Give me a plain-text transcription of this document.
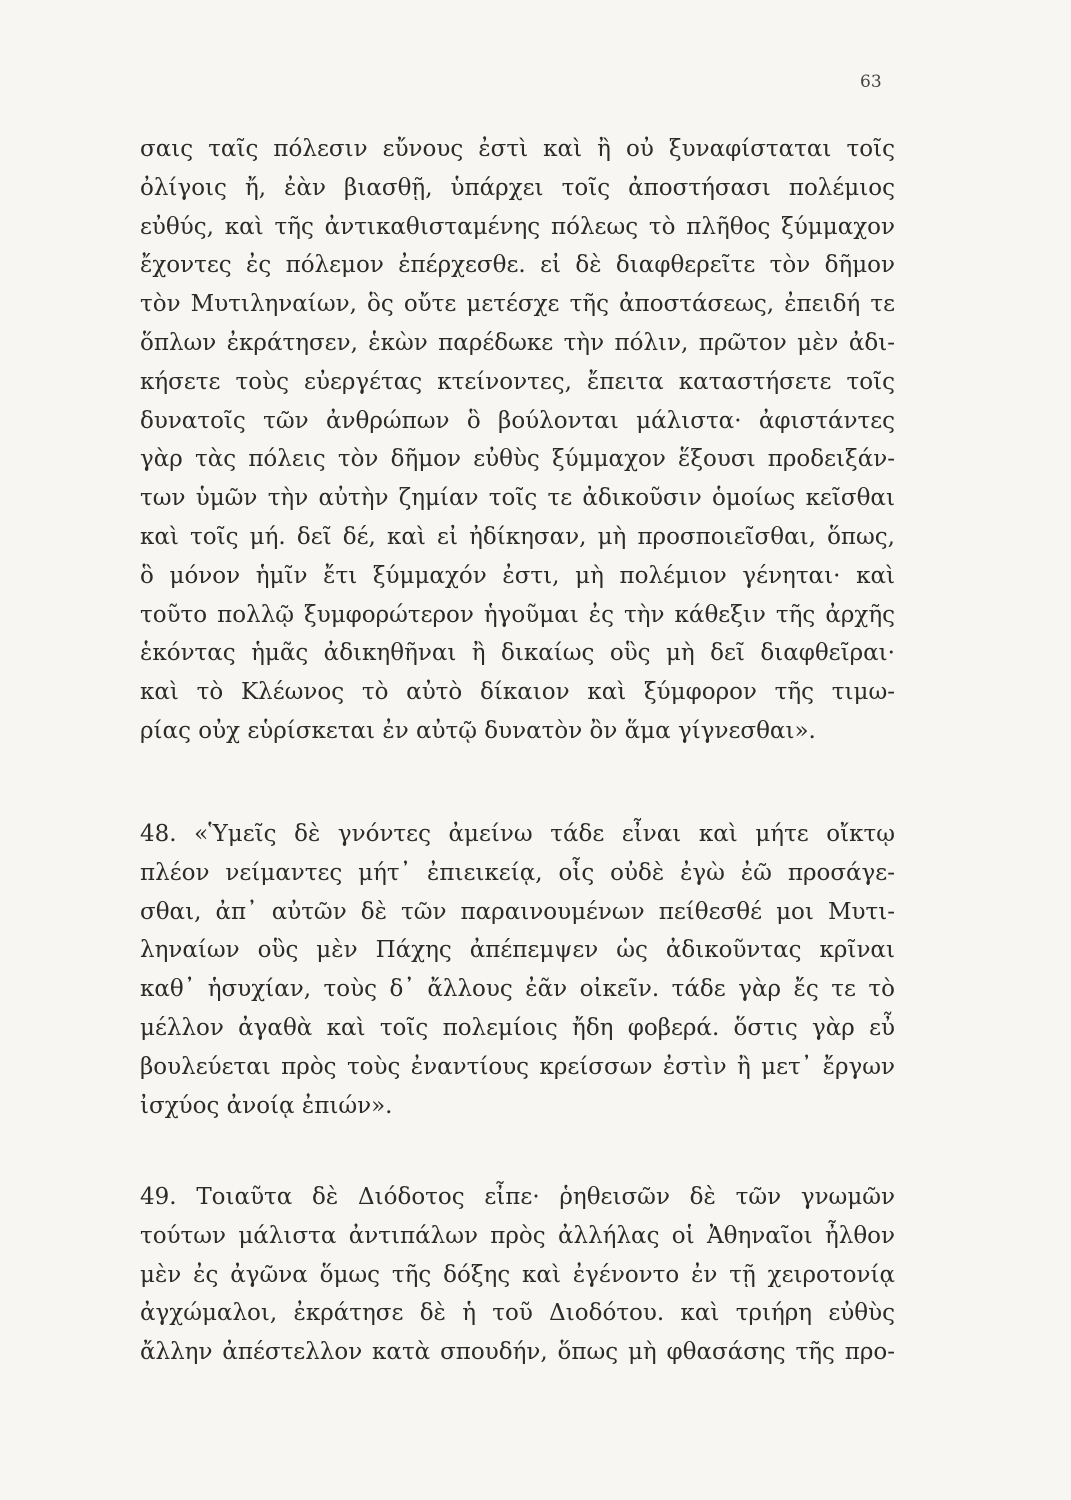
63
σαις ταῖς πόλεσιν εὔνους ἐστὶ καὶ ἢ οὐ ξυναφίσταται τοῖς
ὀλίγοις ἤ, ἐὰν βιασθῇ, ὑπάρχει τοῖς ἀποστήσασι πολέμιος
εὐθύς, καὶ τῆς ἀντικαθισταμένης πόλεως τὸ πλῆθος ξύμμαχον
ἔχοντες ἐς πόλεμον ἐπέρχεσθε. εἰ δὲ διαφθερεῖτε τὸν δῆμον
τὸν Μυτιληναίων, ὃς οὔτε μετέσχε τῆς ἀποστάσεως, ἐπειδή τε
ὅπλων ἐκράτησεν, ἑκὼν παρέδωκε τὴν πόλιν, πρῶτον μὲν ἀδι-
κήσετε τοὺς εὐεργέτας κτείνοντες, ἔπειτα καταστήσετε τοῖς
δυνατοῖς τῶν ἀνθρώπων ὃ βούλονται μάλιστα· ἀφιστάντες
γὰρ τὰς πόλεις τὸν δῆμον εὐθὺς ξύμμαχον ἕξουσι προδειξάν-
των ὑμῶν τὴν αὐτὴν ζημίαν τοῖς τε ἀδικοῦσιν ὁμοίως κεῖσθαι
καὶ τοῖς μή. δεῖ δέ, καὶ εἰ ἠδίκησαν, μὴ προσποιεῖσθαι, ὅπως,
ὃ μόνον ἡμῖν ἔτι ξύμμαχόν ἐστι, μὴ πολέμιον γένηται· καὶ
τοῦτο πολλῷ ξυμφορώτερον ἡγοῦμαι ἐς τὴν κάθεξιν τῆς ἀρχῆς
ἑκόντας ἡμᾶς ἀδικηθῆναι ἢ δικαίως οὓς μὴ δεῖ διαφθεῖραι·
καὶ τὸ Κλέωνος τὸ αὐτὸ δίκαιον καὶ ξύμφορον τῆς τιμω-
ρίας οὐχ εὑρίσκεται ἐν αὐτῷ δυνατὸν ὂν ἅμα γίγνεσθαι».
48. «Ὑμεῖς δὲ γνόντες ἀμείνω τάδε εἶναι καὶ μήτε οἴκτῳ
πλέον νείμαντες μήτ᾽ ἐπιεικείᾳ, οἷς οὐδὲ ἐγὼ ἐῶ προσάγε-
σθαι, ἀπ᾽ αὐτῶν δὲ τῶν παραινουμένων πείθεσθέ μοι Μυτι-
ληναίων οὓς μὲν Πάχης ἀπέπεμψεν ὡς ἀδικοῦντας κρῖναι
καθ᾽ ἡσυχίαν, τοὺς δ᾽ ἄλλους ἐᾶν οἰκεῖν. τάδε γὰρ ἔς τε τὸ
μέλλον ἀγαθὰ καὶ τοῖς πολεμίοις ἤδη φοβερά. ὅστις γὰρ εὖ
βουλεύεται πρὸς τοὺς ἐναντίους κρείσσων ἐστὶν ἢ μετ᾽ ἔργων
ἰσχύος ἀνοίᾳ ἐπιών».
49. Τοιαῦτα δὲ Διόδοτος εἶπε· ῥηθεισῶν δὲ τῶν γνωμῶν
τούτων μάλιστα ἀντιπάλων πρὸς ἀλλήλας οἱ Ἀθηναῖοι ἦλθον
μὲν ἐς ἀγῶνα ὅμως τῆς δόξης καὶ ἐγένοντο ἐν τῇ χειροτονίᾳ
ἀγχώμαλοι, ἐκράτησε δὲ ἡ τοῦ Διοδότου. καὶ τριήρη εὐθὺς
ἄλλην ἀπέστελλον κατὰ σπουδήν, ὅπως μὴ φθασάσης τῆς προ-
